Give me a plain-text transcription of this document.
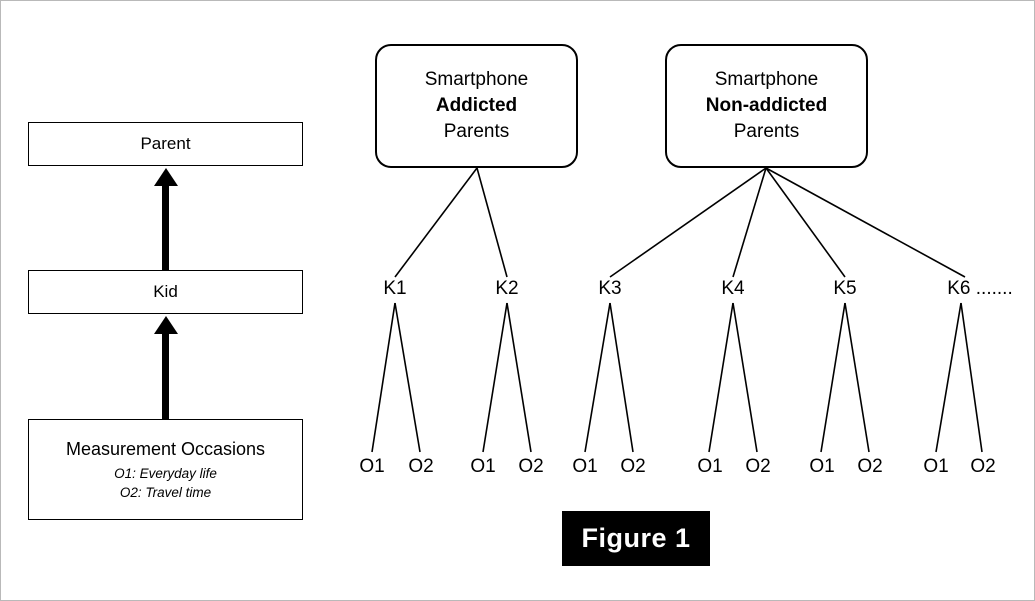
Parent
Kid
Measurement Occasions
O1: Everyday life
O2: Travel time
Smartphone
Addicted
Parents
Smartphone
Non-addicted
Parents
K1	K2	K3	K4	K5	K6 .......
O1 O2 O1 O2 O1 O2	O1 O2 O1 O2 O1 O2
Figure 1
